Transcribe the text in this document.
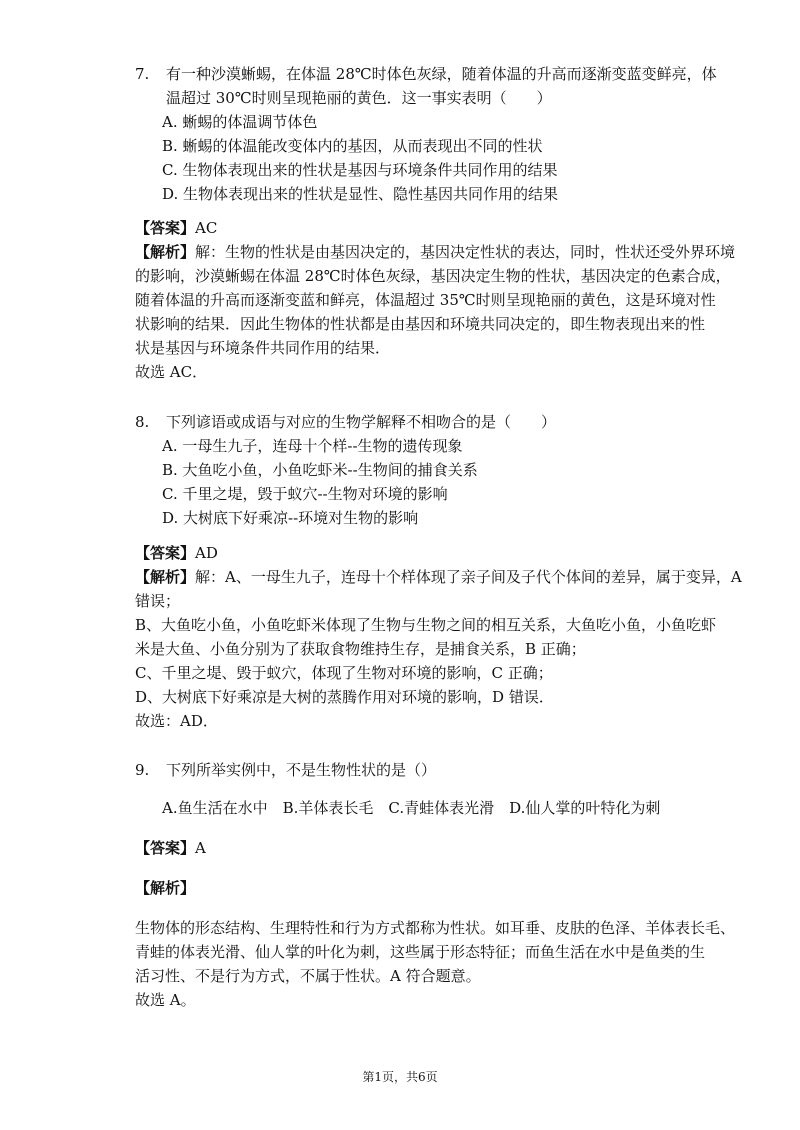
7. 有一种沙漠蜥蜴，在体温 28℃时体色灰绿，随着体温的升高而逐渐变蓝变鲜亮，体
温超过 30℃时则呈现艳丽的黄色．这一事实表明（　　）
A. 蜥蜴的体温调节体色
B. 蜥蜴的体温能改变体内的基因，从而表现出不同的性状
C. 生物体表现出来的性状是基因与环境条件共同作用的结果
D. 生物体表现出来的性状是显性、隐性基因共同作用的结果
【答案】AC
【解析】解：生物的性状是由基因决定的，基因决定性状的表达，同时，性状还受外界环境
的影响，沙漠蜥蜴在体温 28℃时体色灰绿，基因决定生物的性状，基因决定的色素合成，
随着体温的升高而逐渐变蓝和鲜亮，体温超过 35℃时则呈现艳丽的黄色，这是环境对性
状影响的结果．因此生物体的性状都是由基因和环境共同决定的，即生物表现出来的性
状是基因与环境条件共同作用的结果．
故选 AC．
8. 下列谚语或成语与对应的生物学解释不相吻合的是（　　）
A. 一母生九子，连母十个样--生物的遗传现象
B. 大鱼吃小鱼，小鱼吃虾米--生物间的捕食关系
C. 千里之堤，毁于蚁穴--生物对环境的影响
D. 大树底下好乘凉--环境对生物的影响
【答案】AD
【解析】解：A、一母生九子，连母十个样体现了亲子间及子代个体间的差异，属于变异，A
错误；
B、大鱼吃小鱼，小鱼吃虾米体现了生物与生物之间的相互关系，大鱼吃小鱼，小鱼吃虾
米是大鱼、小鱼分别为了获取食物维持生存，是捕食关系，B 正确；
C、千里之堤、毁于蚁穴，体现了生物对环境的影响，C 正确；
D、大树底下好乘凉是大树的蒸腾作用对环境的影响，D 错误．
故选：AD．
9. 下列所举实例中，不是生物性状的是（）
A.鱼生活在水中　B.羊体表长毛　C.青蛙体表光滑　D.仙人掌的叶特化为刺
【答案】A
【解析】
生物体的形态结构、生理特性和行为方式都称为性状。如耳垂、皮肤的色泽、羊体表长毛、
青蛙的体表光滑、仙人掌的叶化为刺，这些属于形态特征；而鱼生活在水中是鱼类的生
活习性、不是行为方式，不属于性状。A 符合题意。
故选 A。
第1页，共6页
